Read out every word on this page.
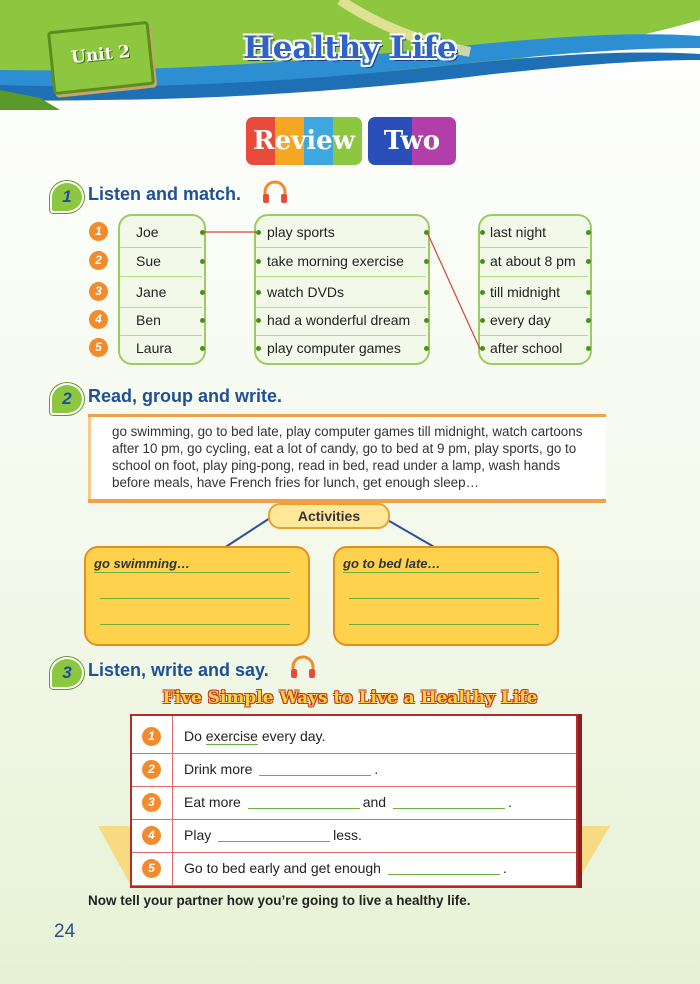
Unit 2	Healthy Life
Review	Two
1 Listen and match.
1	Joe	play sports	last night
2	Sue	take morning exercise	at about 8 pm
3	Jane	watch DVDs	till midnight
4	Ben	had a wonderful dream	every day
5	Laura	play computer games	after school
2 Read, group and write.

go swimming, go to bed late, play computer games till midnight, watch cartoons after 10 pm, go cycling, eat a lot of candy, go to bed at 9 pm, play sports, go to school on foot, play ping-pong, read in bed, read under a lamp, wash hands before meals, have French fries for lunch, get enough sleep…

Activities
go swimming…	go to bed late…
3 Listen, write and say.
Five Simple Ways to Live a Healthy Life
1	Do exercise every day.
2	Drink more	.
3	Eat more	and	.
4	Play	less.
5	Go to bed early and get enough	.
Now tell your partner how you’re going to live a healthy life.
24
